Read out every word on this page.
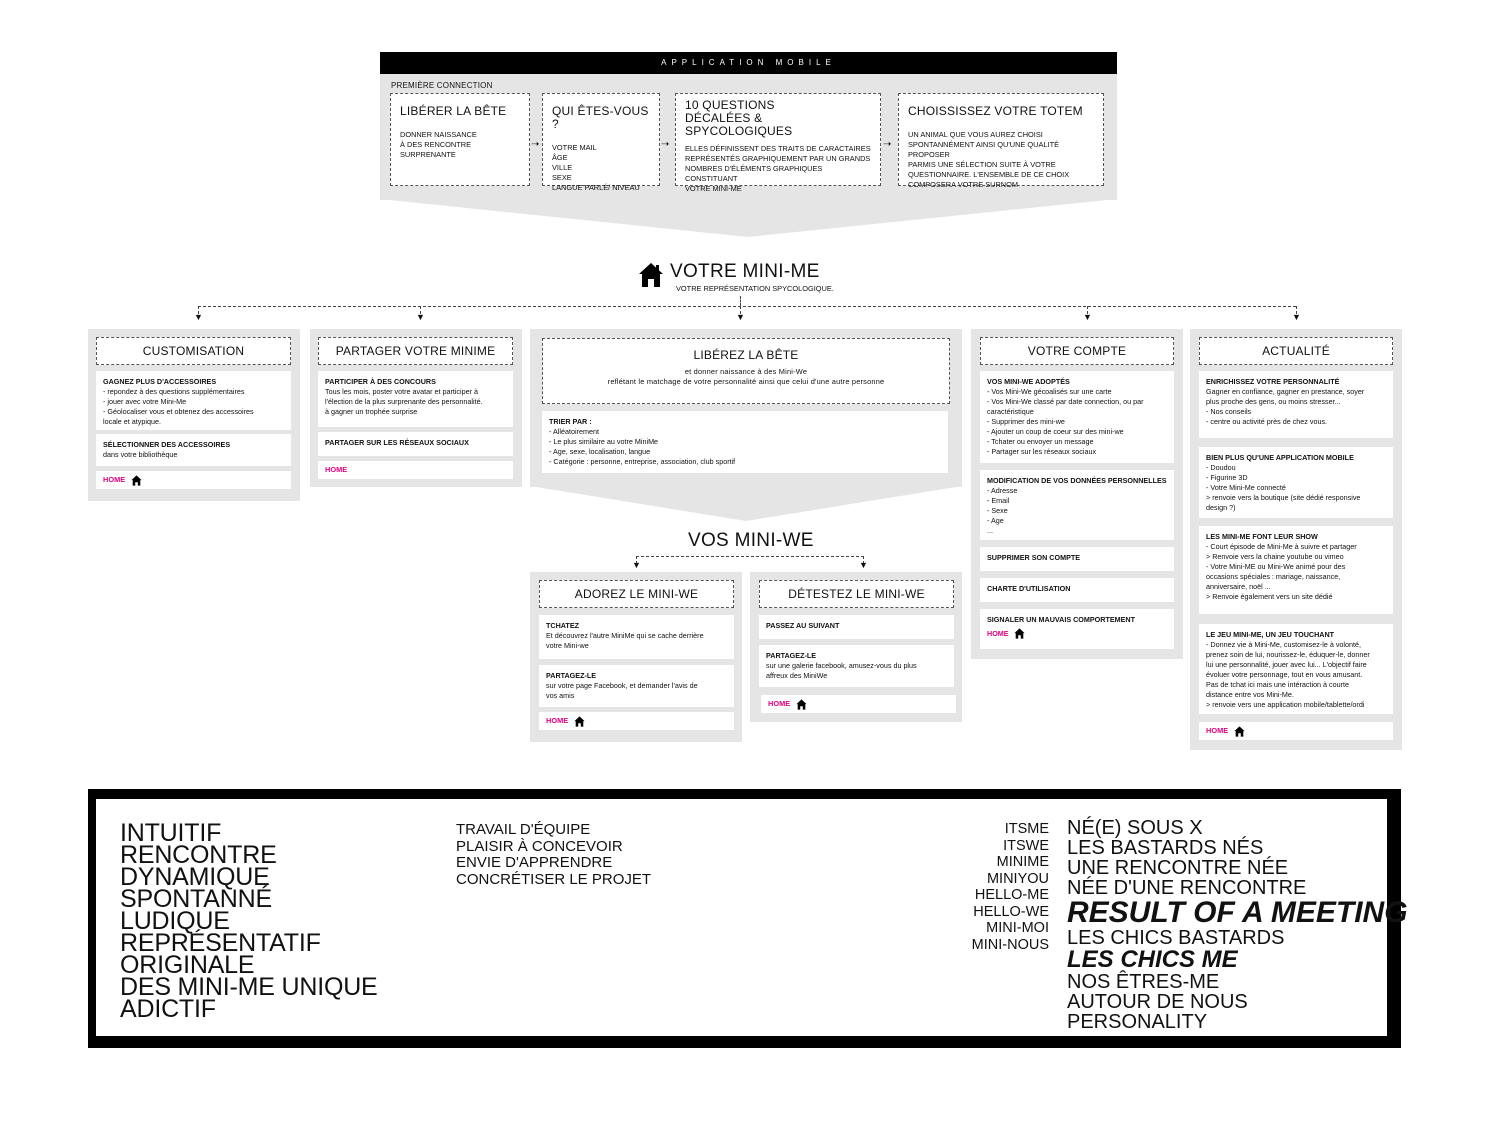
APPLICATION MOBILE
PREMIÈRE CONNECTION
LIBÉRER LA BÊTE
DONNER NAISSANCE
À DES RENCONTRE SURPRENANTE
➝
QUI ÊTES-VOUS ?
VOTRE MAIL
ÂGE
VILLE
SEXE
LANGUE PARLÉ/ NIVEAU
➝
10 QUESTIONS
DÉCALÉES & SPYCOLOGIQUES
ELLES DÉFINISSENT DES TRAITS DE CARACTAIRES
REPRÉSENTÉS GRAPHIQUEMENT PAR UN GRANDS
NOMBRES D'ÉLÉMENTS GRAPHIQUES CONSTITUANT
VOTRE MINI-ME
➝
CHOISSISSEZ VOTRE TOTEM
UN ANIMAL QUE VOUS AUREZ CHOISI
SPONTANNÉMENT AINSI QU'UNE QUALITÉ PROPOSER
PARMIS UNE SÉLECTION SUITE À VOTRE
QUESTIONNAIRE. L'ENSEMBLE DE CE CHOIX
COMPOSERA VOTRE SURNOM
VOTRE MINI-ME
VOTRE REPRÉSENTATION SPYCOLOGIQUE.
▼	▼	▼	▼	▼
CUSTOMISATION
GAGNEZ PLUS D'ACCESSOIRES
- repondez à des questions supplémentaires
- jouer avec votre Mini-Me
- Géolocaliser vous et obtenez des accessoires
locale et atypique.
SÉLECTIONNER DES ACCESSOIRES
dans votre bibliothèque
HOME
PARTAGER VOTRE MINIME
PARTICIPER À DES CONCOURS
Tous les mois, poster votre avatar et participer à
l'élection de la plus surprenante des personnalité.
à gagner un trophée surprise
PARTAGER SUR LES RÉSEAUX SOCIAUX
HOME
LIBÉREZ LA BÊTE
et donner naissance à des Mini-We
reflétant le matchage de votre personnalité ainsi que celui d'une autre personne
TRIER PAR :
- Alléatoirement
- Le plus similaire au votre MiniMe
- Age, sexe, localisation, langue
- Catégorie : personne, entreprise, association, club sportif
VOS MINI-WE
▼	▼
ADOREZ LE MINI-WE
TCHATEZ
Et découvrez l'autre MiniMe qui se cache derrière
votre Mini-we
PARTAGEZ-LE
sur votre page Facebook, et demander l'avis de
vos amis
HOME
DÉTESTEZ LE MINI-WE
PASSEZ AU SUIVANT
PARTAGEZ-LE
sur une galerie facebook, amusez-vous du plus
affreux des MiniWe
HOME
VOTRE COMPTE
VOS MINI-WE ADOPTÉS
- Vos Mini-We gécoalisés sur une carte
- Vos Mini-We classé par date connection, ou par
caractéristique
- Supprimer des mini-we
- Ajouter un coup de coeur sur des mini-we
- Tchater ou envoyer un message
- Partager sur les réseaux sociaux
MODIFICATION DE VOS DONNÉES PERSONNELLES
- Adresse
- Email
- Sexe
- Age
...
SUPPRIMER SON COMPTE
CHARTE D'UTILISATION
SIGNALER UN MAUVAIS COMPORTEMENT
HOME
ACTUALITÉ
ENRICHISSEZ VOTRE PERSONNALITÉ
Gagner en confiance, gagner en prestance, soyer
plus proche des gens, ou moins stresser...
- Nos conseils
- centre ou activité près de chez vous.
BIEN PLUS QU'UNE APPLICATION MOBILE
- Doudou
- Figurine 3D
- Votre Mini-Me connecté
> renvoie vers la boutique (site dédié responsive
design ?)
LES MINI-ME FONT LEUR SHOW
- Court épisode de Mini-Me à suivre et partager
> Renvoie vers la chaine youtube ou vimeo
- Votre Mini-ME ou Mini-We animé pour des
occasions spéciales : mariage, naissance,
anniversaire, noël ...
> Renvoie également vers un site dédié
LE JEU MINI-ME, UN JEU TOUCHANT
- Donnez vie à Mini-Me, customisez-le à volonté,
prenez soin de lui, nourissez-le, éduquer-le, donner
lui une personnalité, jouer avec lui... L'objectif faire
évoluer votre personnage, tout en vous amusant.
Pas de tchat ici mais une intéraction à courte
distance entre vos Mini-Me.
> renvoie vers une application mobile/tablette/ordi
HOME
INTUITIF
RENCONTRE
DYNAMIQUE
SPONTANNÉ
LUDIQUE
REPRÉSENTATIF
ORIGINALE
DES MINI-ME UNIQUE
ADICTIF
TRAVAIL D'ÉQUIPE
PLAISIR À CONCEVOIR
ENVIE D'APPRENDRE
CONCRÉTISER LE PROJET
ITSME
ITSWE
MINIME
MINIYOU
HELLO-ME
HELLO-WE
MINI-MOI
MINI-NOUS
NÉ(E) SOUS X
LES BASTARDS NÉS
UNE RENCONTRE NÉE
NÉE D'UNE RENCONTRE
RESULT OF A MEETING
LES CHICS BASTARDS
LES CHICS ME
NOS ÊTRES-ME
AUTOUR DE NOUS
PERSONALITY
